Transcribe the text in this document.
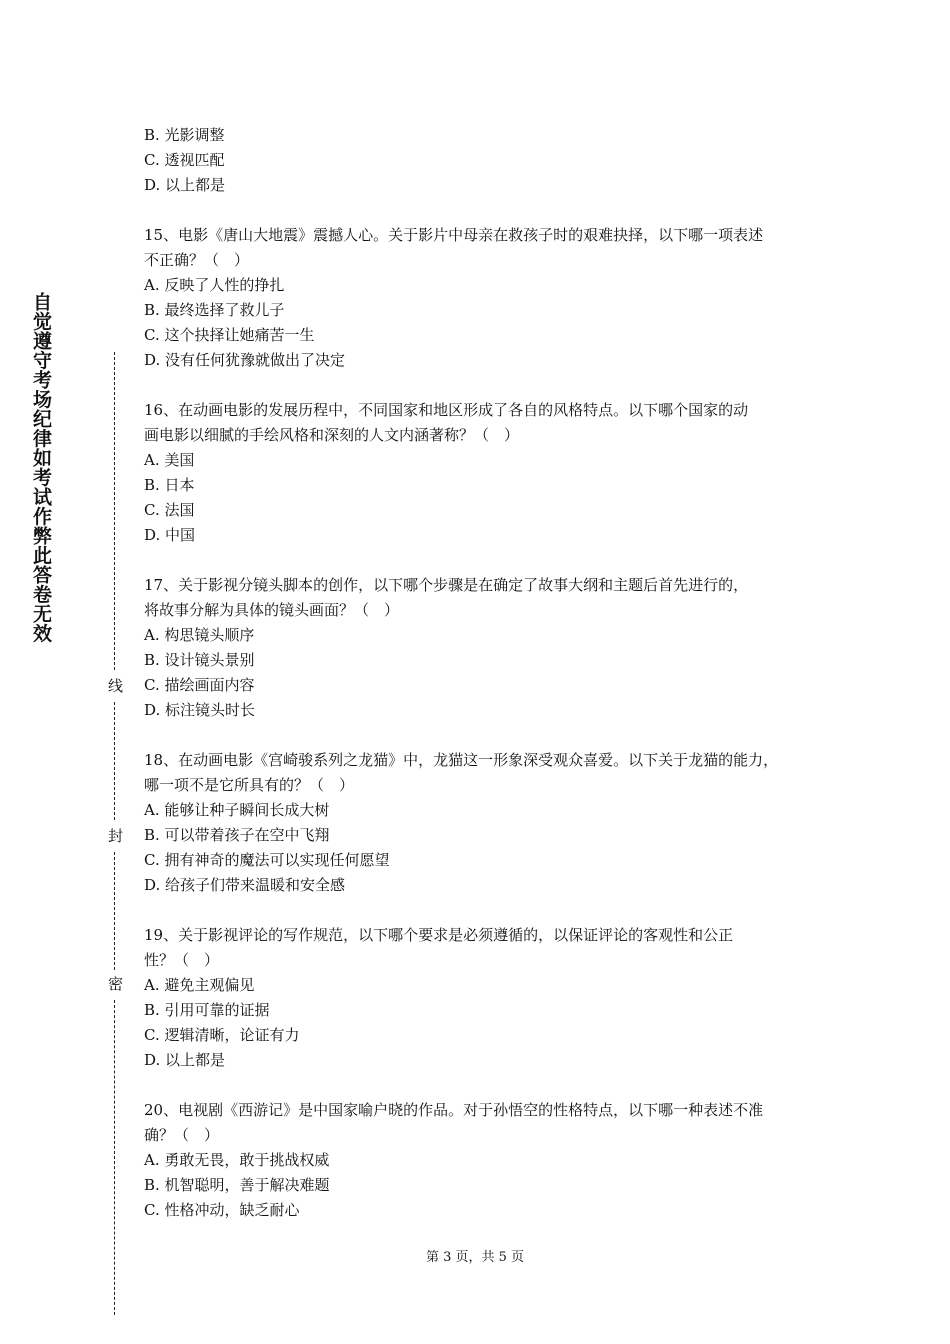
自觉遵守考场纪律如考试作弊此答卷无效
线
封
密
B. 光影调整
C. 透视匹配
D. 以上都是
15、电影《唐山大地震》震撼人心。关于影片中母亲在救孩子时的艰难抉择，以下哪一项表述
不正确？（　）
A. 反映了人性的挣扎
B. 最终选择了救儿子
C. 这个抉择让她痛苦一生
D. 没有任何犹豫就做出了决定
16、在动画电影的发展历程中，不同国家和地区形成了各自的风格特点。以下哪个国家的动
画电影以细腻的手绘风格和深刻的人文内涵著称？（　）
A. 美国
B. 日本
C. 法国
D. 中国
17、关于影视分镜头脚本的创作，以下哪个步骤是在确定了故事大纲和主题后首先进行的，
将故事分解为具体的镜头画面？（　）
A. 构思镜头顺序
B. 设计镜头景别
C. 描绘画面内容
D. 标注镜头时长
18、在动画电影《宫崎骏系列之龙猫》中，龙猫这一形象深受观众喜爱。以下关于龙猫的能力，
哪一项不是它所具有的？（　）
A. 能够让种子瞬间长成大树
B. 可以带着孩子在空中飞翔
C. 拥有神奇的魔法可以实现任何愿望
D. 给孩子们带来温暖和安全感
19、关于影视评论的写作规范，以下哪个要求是必须遵循的，以保证评论的客观性和公正
性？（　）
A. 避免主观偏见
B. 引用可靠的证据
C. 逻辑清晰，论证有力
D. 以上都是
20、电视剧《西游记》是中国家喻户晓的作品。对于孙悟空的性格特点，以下哪一种表述不准
确？（　）
A. 勇敢无畏，敢于挑战权威
B. 机智聪明，善于解决难题
C. 性格冲动，缺乏耐心
第 3 页，共 5 页
